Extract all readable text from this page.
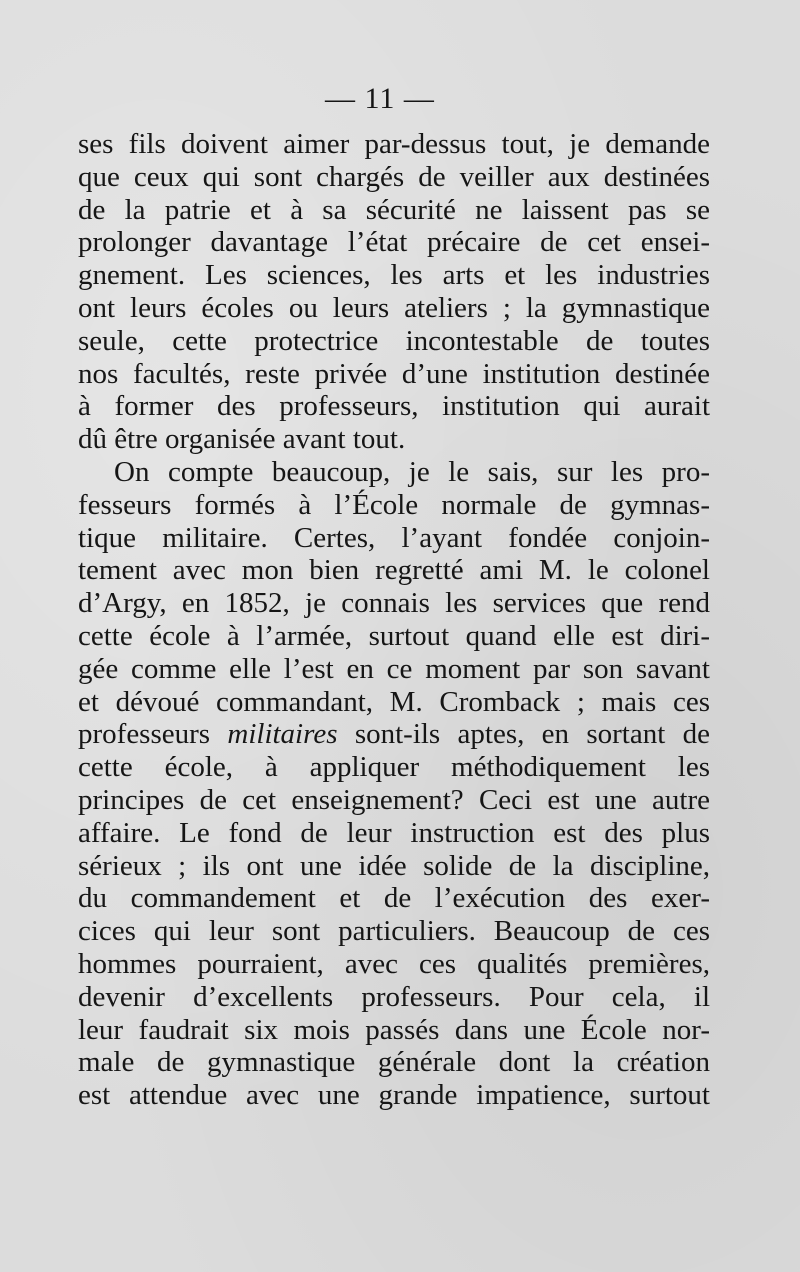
— 11 —
ses fils doivent aimer par-dessus tout, je demande
que ceux qui sont chargés de veiller aux destinées
de la patrie et à sa sécurité ne laissent pas se
prolonger davantage l’état précaire de cet ensei-
gnement. Les sciences, les arts et les industries
ont leurs écoles ou leurs ateliers ; la gymnastique
seule, cette protectrice incontestable de toutes
nos facultés, reste privée d’une institution destinée
à former des professeurs, institution qui aurait
dû être organisée avant tout.
On compte beaucoup, je le sais, sur les pro-
fesseurs formés à l’École normale de gymnas-
tique militaire. Certes, l’ayant fondée conjoin-
tement avec mon bien regretté ami M. le colonel
d’Argy, en 1852, je connais les services que rend
cette école à l’armée, surtout quand elle est diri-
gée comme elle l’est en ce moment par son savant
et dévoué commandant, M. Cromback ; mais ces
professeurs militaires sont-ils aptes, en sortant de
cette école, à appliquer méthodiquement les
principes de cet enseignement? Ceci est une autre
affaire. Le fond de leur instruction est des plus
sérieux ; ils ont une idée solide de la discipline,
du commandement et de l’exécution des exer-
cices qui leur sont particuliers. Beaucoup de ces
hommes pourraient, avec ces qualités premières,
devenir d’excellents professeurs. Pour cela, il
leur faudrait six mois passés dans une École nor-
male de gymnastique générale dont la création
est attendue avec une grande impatience, surtout
